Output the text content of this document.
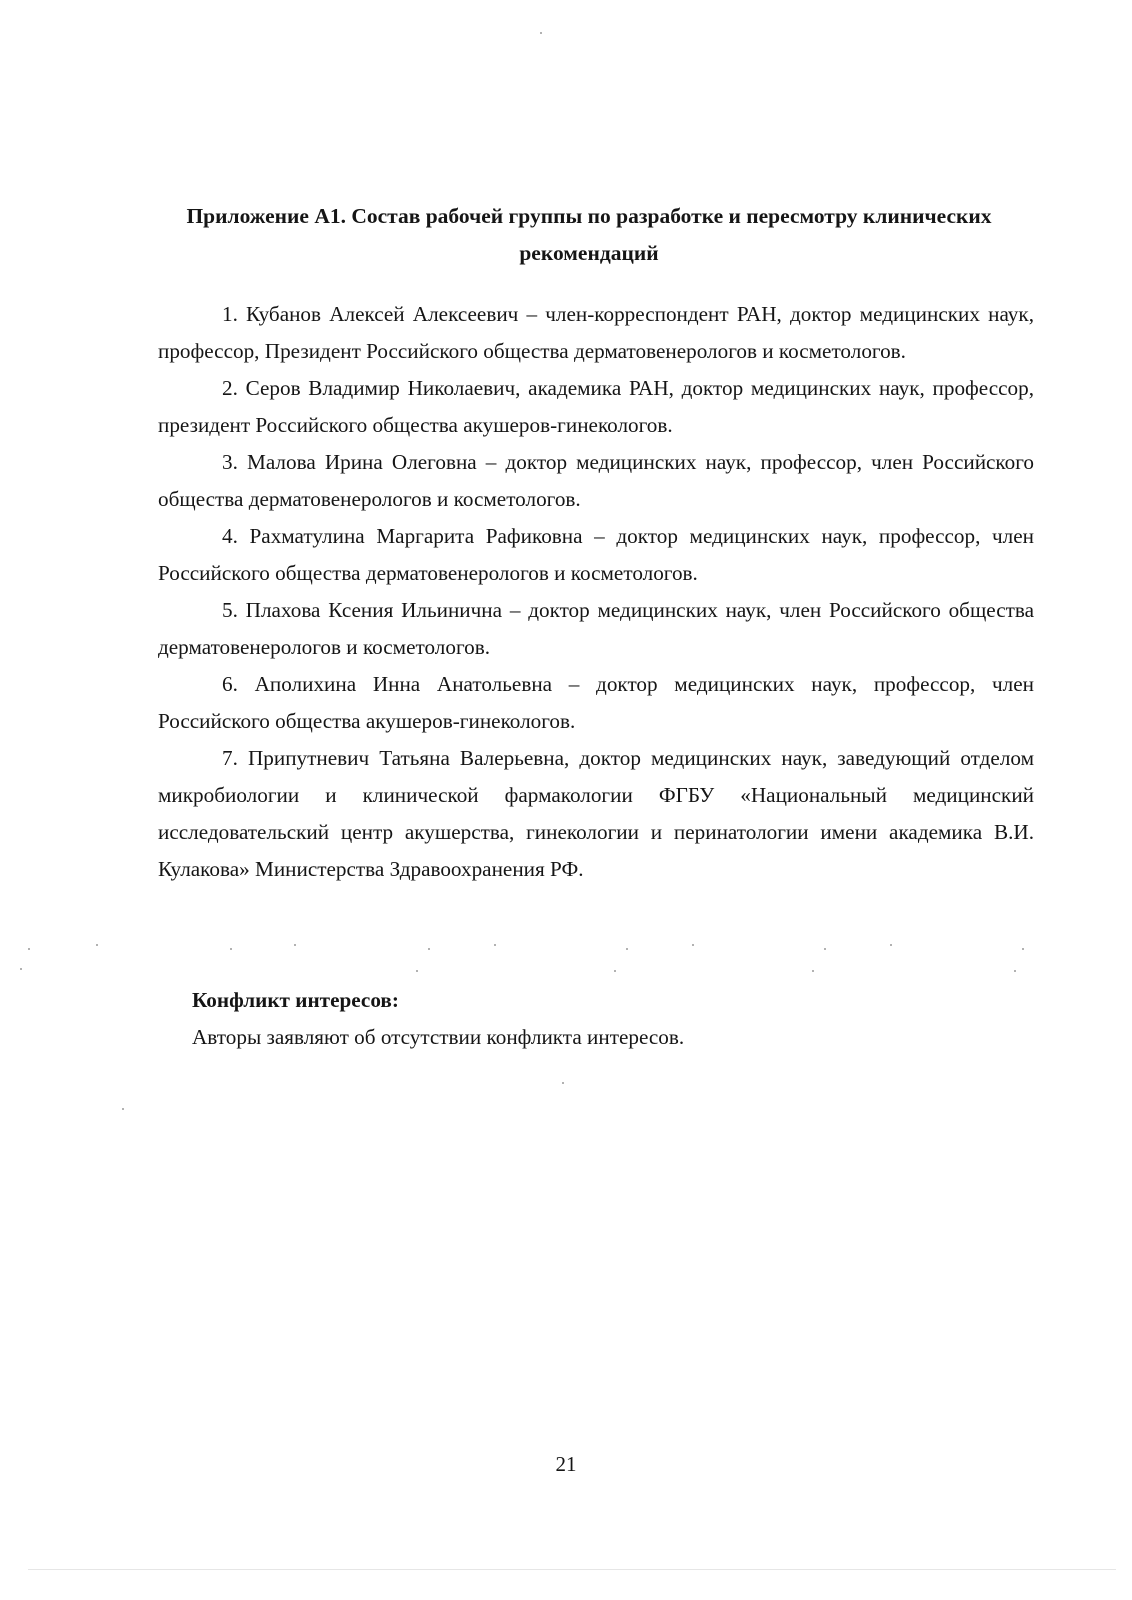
Приложение А1. Состав рабочей группы по разработке и пересмотру клинических рекомендаций

1. Кубанов Алексей Алексеевич – член-корреспондент РАН, доктор медицинских наук, профессор, Президент Российского общества дерматовенерологов и косметологов.

2. Серов Владимир Николаевич, академика РАН, доктор медицинских наук, профессор, президент Российского общества акушеров-гинекологов.

3. Малова Ирина Олеговна – доктор медицинских наук, профессор, член Российского общества дерматовенерологов и косметологов.

4. Рахматулина Маргарита Рафиковна – доктор медицинских наук, профессор, член Российского общества дерматовенерологов и косметологов.

5. Плахова Ксения Ильинична – доктор медицинских наук, член Российского общества дерматовенерологов и косметологов.

6. Аполихина Инна Анатольевна – доктор медицинских наук, профессор, член Российского общества акушеров-гинекологов.

7. Припутневич Татьяна Валерьевна, доктор медицинских наук, заведующий отделом микробиологии и клинической фармакологии ФГБУ «Национальный медицинский исследовательский центр акушерства, гинекологии и перинатологии имени академика В.И. Кулакова» Министерства Здравоохранения РФ.

Конфликт интересов:
Авторы заявляют об отсутствии конфликта интересов.
21
